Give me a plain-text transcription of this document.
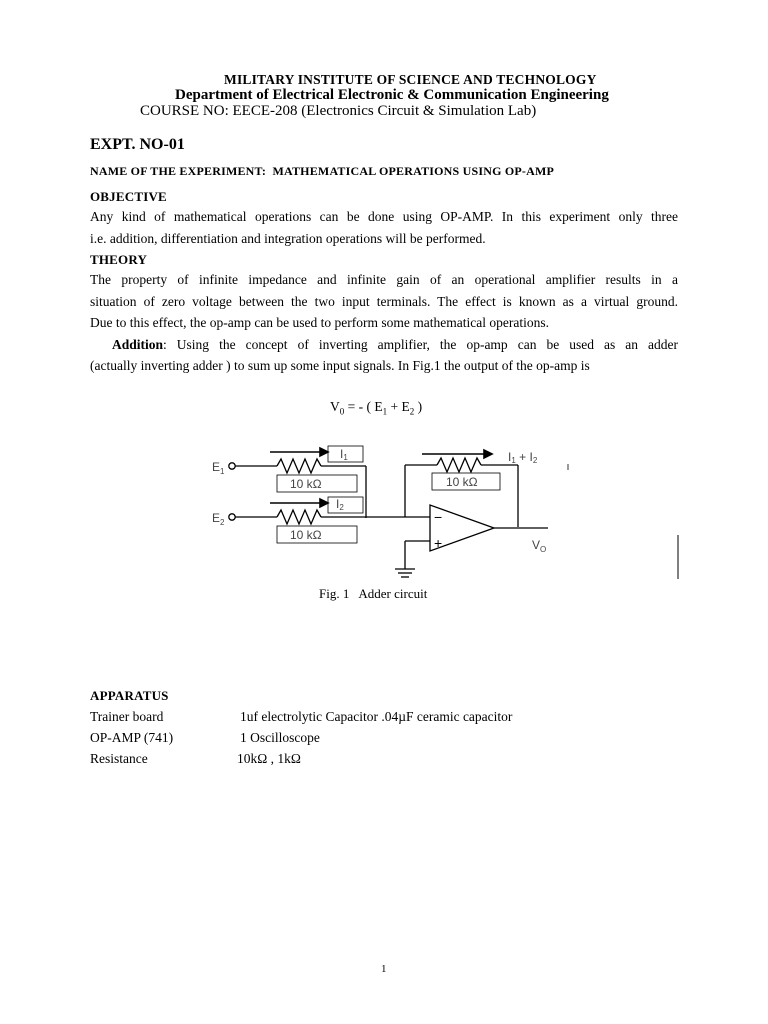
MILITARY INSTITUTE OF SCIENCE AND TECHNOLOGY
Department of Electrical Electronic & Communication Engineering
COURSE NO: EECE-208 (Electronics Circuit & Simulation Lab)
EXPT. NO-01
NAME OF THE EXPERIMENT: MATHEMATICAL OPERATIONS USING OP-AMP
OBJECTIVE
Any kind of mathematical operations can be done using OP-AMP. In this experiment only three
i.e. addition, differentiation and integration operations will be performed.
THEORY
The property of infinite impedance and infinite gain of an operational amplifier results in a
situation of zero voltage between the two input terminals. The effect is known as a virtual ground.
Due to this effect, the op-amp can be used to perform some mathematical operations.
Addition: Using the concept of inverting amplifier, the op-amp can be used as an adder
(actually inverting adder ) to sum up some input signals. In Fig.1 the output of the op-amp is
$V_0$ = - ( $E_1 + E_2$ )
$E_1$
$E_2$
10 kΩ
10 kΩ
10 kΩ
I1
I2
I1 + I2
$V_O$
−
+
Fig. 1   Adder circuit
APPARATUS
Trainer board	1uf electrolytic Capacitor .04µF ceramic capacitor
OP-AMP (741)	1 Oscilloscope
Resistance	10kΩ , 1kΩ
1
